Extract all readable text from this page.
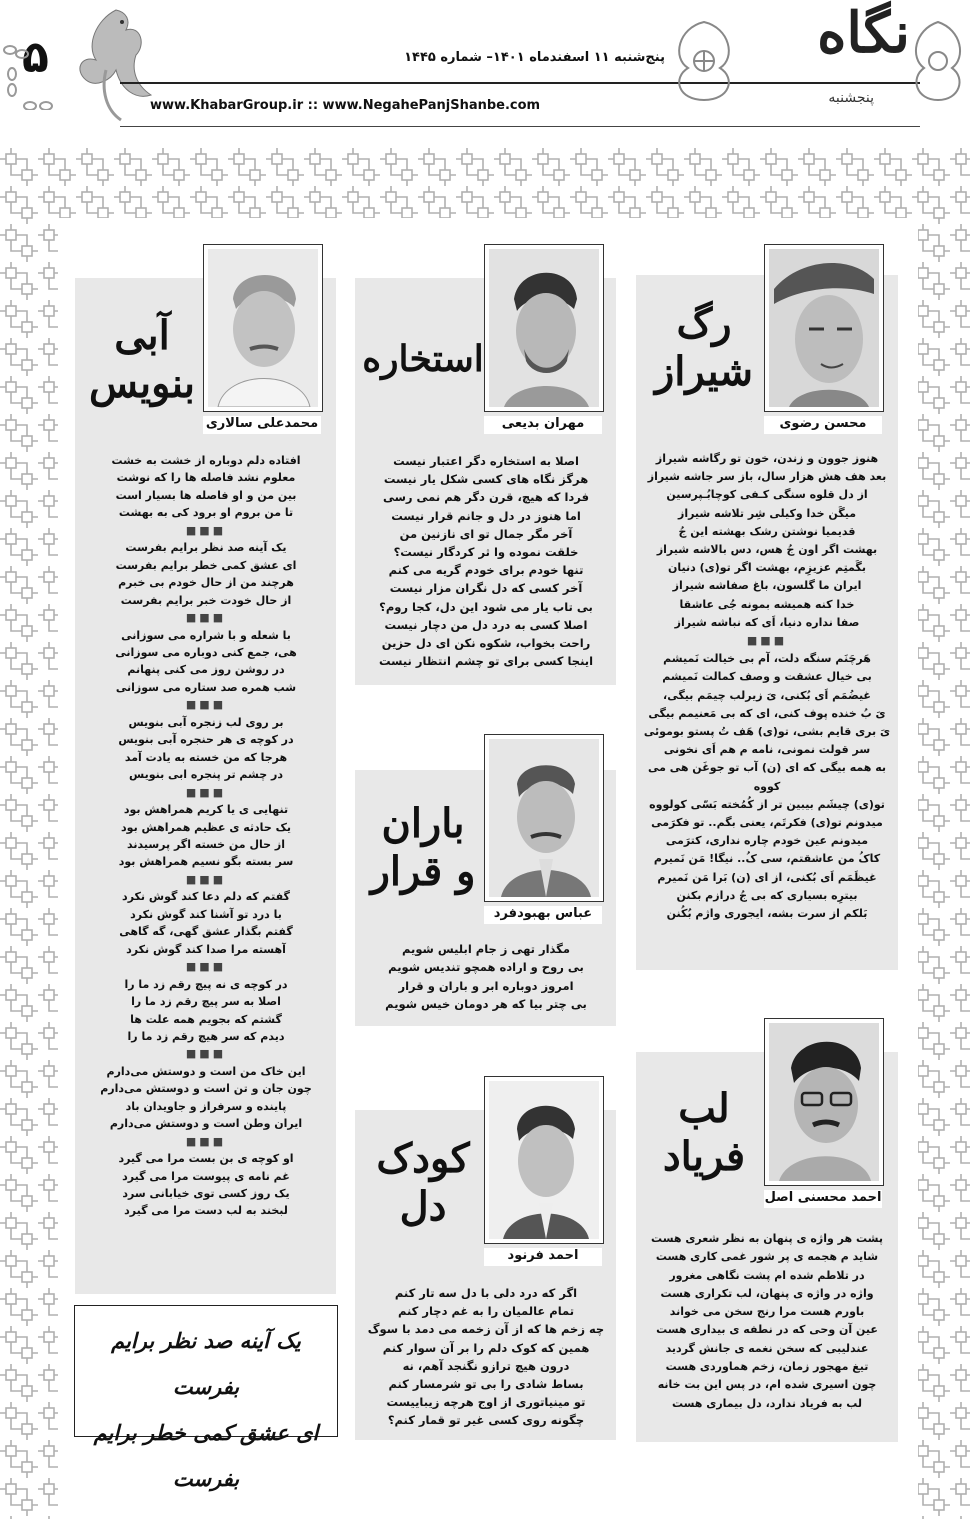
۵	پنج‌شنبه ۱۱ اسفندماه ۱۴۰۱– شماره ۱۴۴۵
www.KhabarGroup.ir :: www.NegahePanjShanbe.com
نگاه
پنجشنبه
محسن رضوی
رگ
شیراز
هنوز جوون و زندن، خون تو رگاشه شیراز
بعد هف هش هزار سال، باز سر جاشه شیراز
از دل قلوه سنگی کـفی کوچابُـپرسین
میگَن خدا وکیلی شِر تلاشه شیراز
قدیمیا نوشتن رشک بهشته این جُ
بهشت اگر اون جُ هس، دس بالاشه شیراز
بگَمتِم عزیزِم، بهشت اگر تو(ی) دنیان
ایران ما گلسون، باغ صفاشه شیراز
خدا کنه همیشه بمونه جُی عاشقا
صفا نداره دنیا، اَی که نباشه شیراز
■■■
هَرچَنَم سنگه دلت، آم بی خیالت نَمیشم
بی خیال عشقت و وصف کمالت نَمیشم
غیضُمَم اَی بُکنی، یَ زیرلب چیمَم بیگی،
یَ بُ خنده پوف کنی، ای که بی مَعنیمم بیگی
یَ بری قایم بشی، تو(ی) هَف تُ پستو بوموئی
سر قولت نمونی، نامه م هم اَی نخونی
به همه بیگی که ای (ن) آب تو جوغَن هی می کووه
تو(ی) چیشَم بیبین تر از کُمُخته بَسّی کولووه
میدونم تو(ی) فکرتَم، یعنی بگم.. تو فکرَمی
میدونم عین خودم چاره نداری، کترَمی
کاکُ من عاشقتم، سی کُ.. نیگا! مَن نَمیرم
غیظَمَم اَی بُکنی، از ای (ن) بَرا مَن نَمیرم
بیترِه بسیاری که بی جُ درازم بکنن
بَلکم از سرت بشه، ایجوری واژم بُکُنن
مهران بدیعی
استخاره
اصلا به استخاره دگر اعتبار نیست
هرگز نگاه های کسی شکل یار نیست
فردا که هیچ، قرن دگر هم نمی رسی
اما هنوز در دل و جانم قرار نیست
آخر مگر جمال تو ای نازنین من
خلقت نموده وا ثر کردگار نیست؟
تنها خودم برای خودم گریه می کنم
آخر کسی که دل نگران مزار نیست
بی تاب یار می شود این دل، کجا روم؟
اصلا کسی به درد دل من دچار نیست
راحت بخواب، شکوه نکن ای دل حزین
اینجا کسی برای تو چشم انتظار نیست
عباس بهبودفرد
باران
و قرار
مگذار تهی ز جام ابلیس شویم
بی روح و اراده همچو تندیس شویم
امروز دوباره ابر و باران و قرار
بی چتر بیا که هر دومان خیس شویم
محمدعلی سالاری
آبی
بنویس
افتاده دلم دوباره از خشت به خشت
معلوم نشد فاصله ها را که نوشت
بین من و او فاصله ها بسیار است
تا من بروم او برود کی به بهشت
■■■
یک آینه صد نظر برایم بفرست
ای عشق کمی خطر برایم بفرست
هرچند من از حال خودم بی خبرم
از حال خودت خبر برایم بفرست
■■■
با شعله و با شراره می سوزانی
هی، جمع کنی دوباره می سوزانی
در روشن روز می کنی پنهانم
شب همره صد ستاره می سوزانی
■■■
بر روی لب زنجره آبی بنویس
در کوچه ی هر حنجره آبی بنویس
هرجا که من خسته به یادت آمد
در چشم تر پنجره ابی بنویس
■■■
تنهایی ی یا کریم همراهش بود
یک حادثه ی عظیم همراهش بود
از حال من خسته اگر پرسیدند
سر بسته بگو نسیم همراهش بود
■■■
گفتم که دلم دعا کند گوش نکرد
با درد تو آشنا کند گوش نکرد
گفتم بگذار عشق گهی، گه گاهی
آهسته مرا صدا کند گوش نکرد
■■■
در کوچه ی نه پیچ رقم زد ما را
اصلا به سر پیچ رقم زد ما را
گشتم که بجویم همه علت ها
دیدم که سر هیچ رقم زد ما را
■■■
این خاک من است و دوستش می‌دارم
چون جان و تن است و دوستش می‌دارم
پاینده و سرفراز و جاویدان باد
ایران وطن است و دوستش می‌دارم
■■■
او کوچه ی بن بست مرا می گیرد
غم نامه ی پیوست مرا می گیرد
یک روز کسی توی خیابانی سرد
لبخند به لب دست مرا می گیرد
یک آینه صد نظر برایم بفرست
ای عشق کمی خطر برایم بفرست
احمد محسنی اصل
لب
فریاد
پشت هر واژه ی پنهان به نظر شعری هست
شاید م هجمه ی پر شور غمی کاری هست
در تلاطم شده ام پشت نگاهی مغرور
واژه در واژه ی پنهان، لب تکراری هست
باورم هست مرا رنج سخن می خواند
عین آن وحی که در نطفه ی بیداری هست
عندلیبی که سخن نغمه ی جانش گردید
تیغ مهجور زمان، زخم هماوردی هست
چون اسیری شده ام، در پس این بت خانه
لب به فریاد ندارد، دل بیماری هست
احمد فرنود
کودک
دل
اگر که درد دلی با دل سه تار کنم
تمام عالمیان را به غم دچار کنم
چه زخم ها که از آن زخمه می دمد با سوگ
همین که کوک دلم را بر آن سوار کنم
درون هیچ ترازو نگنجد آهم، نه
بساط شادی را بی تو شرمسار کنم
تو مینیاتوری از اوج هرچه زیباییست
چگونه روی کسی غیر تو قمار کنم؟
